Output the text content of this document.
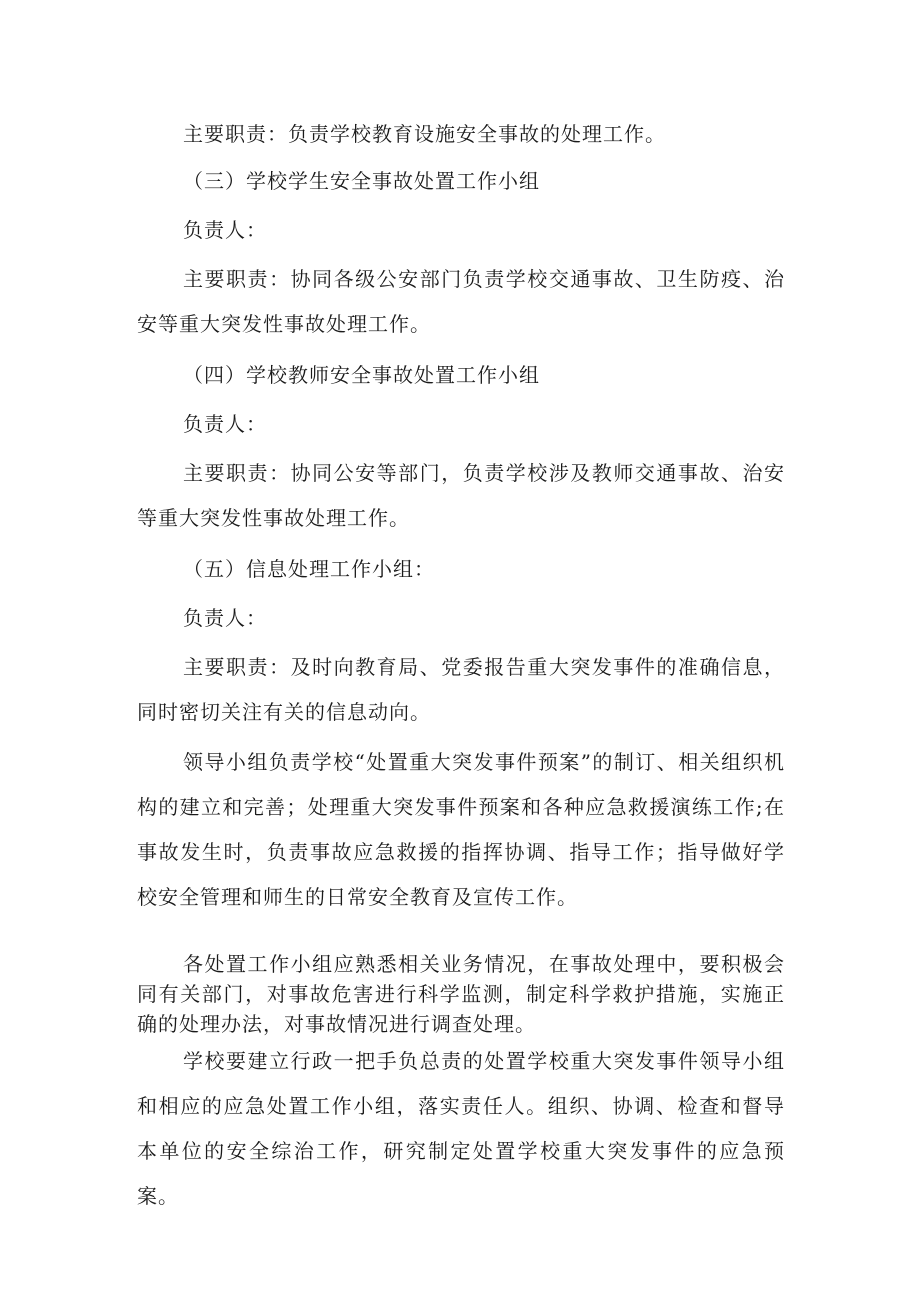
主要职责：负责学校教育设施安全事故的处理工作。

（三）学校学生安全事故处置工作小组

负责人：

主要职责：协同各级公安部门负责学校交通事故、卫生防疫、治安等重大突发性事故处理工作。

（四）学校教师安全事故处置工作小组

负责人：

主要职责：协同公安等部门，负责学校涉及教师交通事故、治安等重大突发性事故处理工作。

（五）信息处理工作小组：

负责人：

主要职责：及时向教育局、党委报告重大突发事件的准确信息，同时密切关注有关的信息动向。

领导小组负责学校“处置重大突发事件预案”的制订、相关组织机构的建立和完善；处理重大突发事件预案和各种应急救援演练工作;在事故发生时，负责事故应急救援的指挥协调、指导工作；指导做好学校安全管理和师生的日常安全教育及宣传工作。

各处置工作小组应熟悉相关业务情况，在事故处理中，要积极会同有关部门，对事故危害进行科学监测，制定科学救护措施，实施正确的处理办法，对事故情况进行调查处理。

学校要建立行政一把手负总责的处置学校重大突发事件领导小组和相应的应急处置工作小组，落实责任人。组织、协调、检查和督导本单位的安全综治工作，研究制定处置学校重大突发事件的应急预案。
